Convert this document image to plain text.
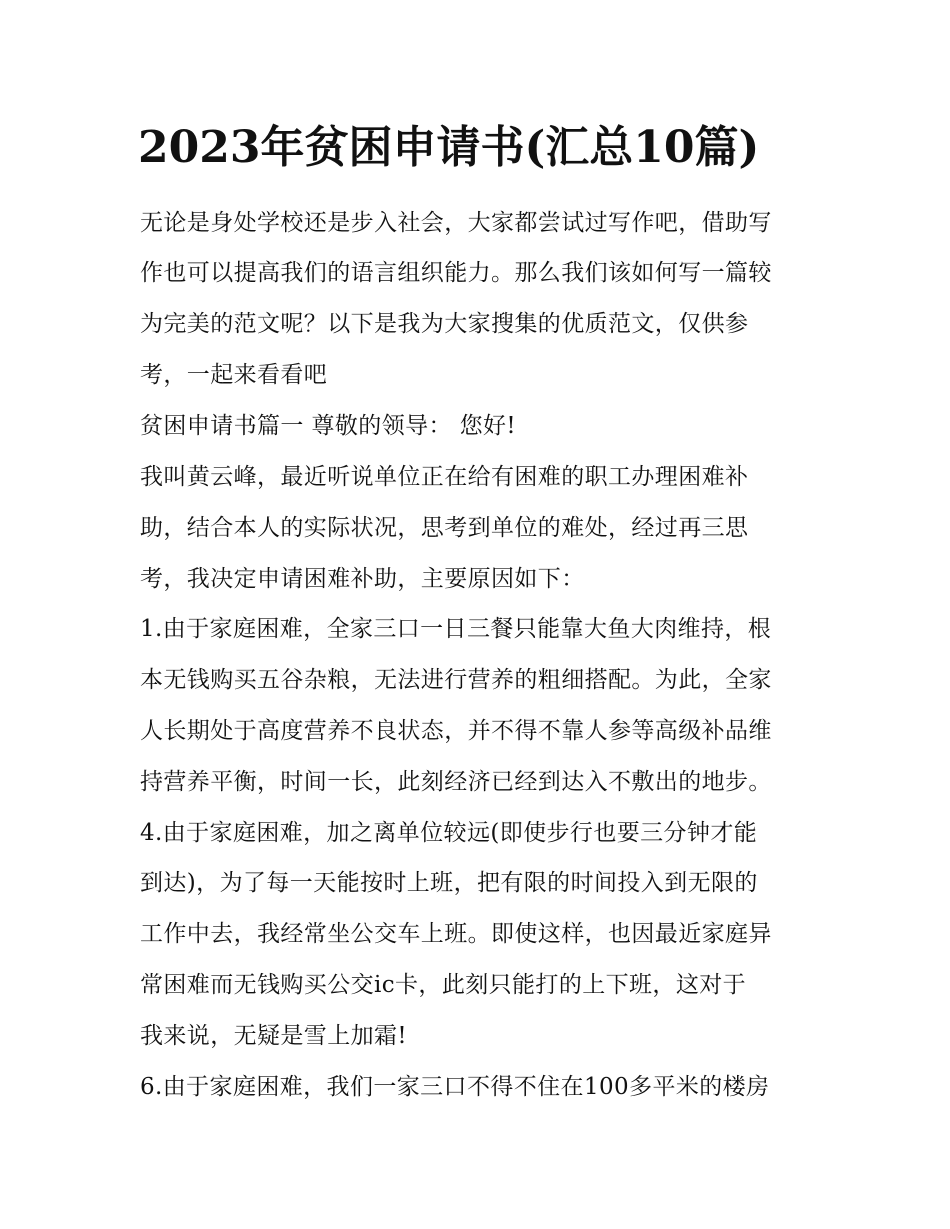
2023年贫困申请书(汇总10篇)
无论是身处学校还是步入社会，大家都尝试过写作吧，借助写
作也可以提高我们的语言组织能力。那么我们该如何写一篇较
为完美的范文呢？以下是我为大家搜集的优质范文，仅供参
考，一起来看看吧
贫困申请书篇一 尊敬的领导： 您好!
我叫黄云峰，最近听说单位正在给有困难的职工办理困难补
助，结合本人的实际状况，思考到单位的难处，经过再三思
考，我决定申请困难补助，主要原因如下：
1.由于家庭困难，全家三口一日三餐只能靠大鱼大肉维持，根
本无钱购买五谷杂粮，无法进行营养的粗细搭配。为此，全家
人长期处于高度营养不良状态，并不得不靠人参等高级补品维
持营养平衡，时间一长，此刻经济已经到达入不敷出的地步。
4.由于家庭困难，加之离单位较远(即使步行也要三分钟才能
到达)，为了每一天能按时上班，把有限的时间投入到无限的
工作中去，我经常坐公交车上班。即使这样，也因最近家庭异
常困难而无钱购买公交ic卡，此刻只能打的上下班，这对于
我来说，无疑是雪上加霜!
6.由于家庭困难，我们一家三口不得不住在100多平米的楼房
